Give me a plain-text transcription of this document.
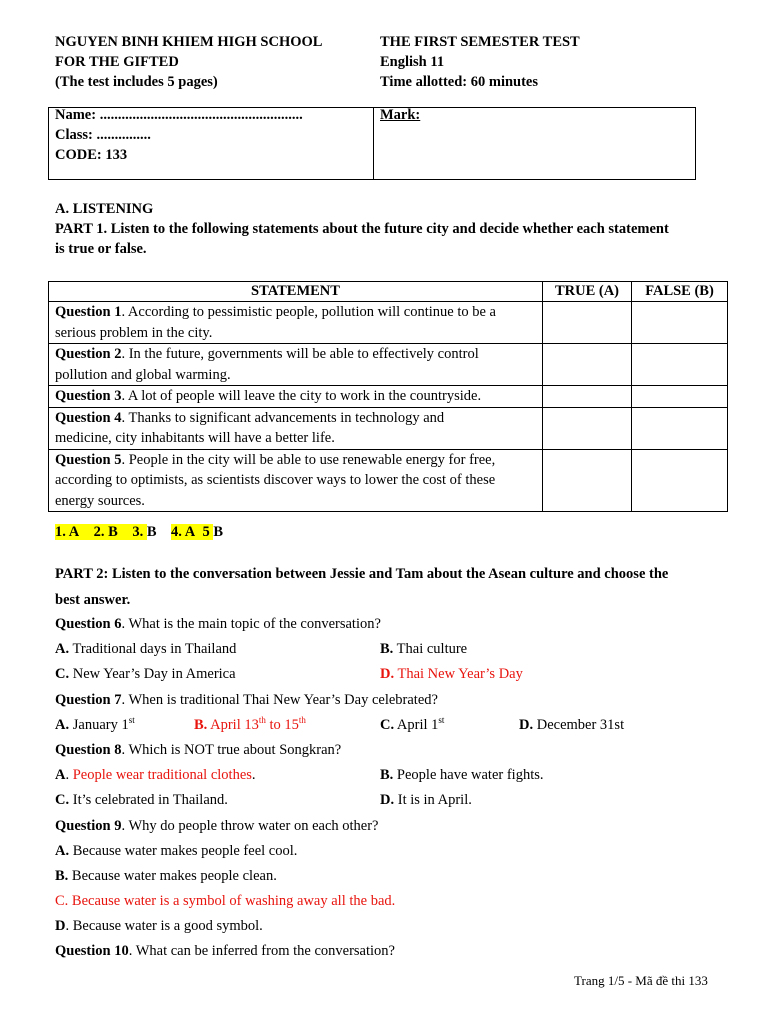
NGUYEN BINH KHIEM HIGH SCHOOL
FOR THE GIFTED
(The test includes 5 pages)
THE FIRST SEMESTER TEST
English 11
Time allotted: 60 minutes
Name: ........................................................
Class: ...............
CODE: 133
Mark:
A. LISTENING
PART 1. Listen to the following statements about the future city and decide whether each statement
is true or false.
STATEMENT	TRUE (A)	FALSE (B)
Question 1. According to pessimistic people, pollution will continue to be a
serious problem in the city.		
Question 2. In the future, governments will be able to effectively control
pollution and global warming.		
Question 3. A lot of people will leave the city to work in the countryside.		
Question 4. Thanks to significant advancements in technology and
medicine, city inhabitants will have a better life.		
Question 5. People in the city will be able to use renewable energy for free,
according to optimists, as scientists discover ways to lower the cost of these
energy sources.		
1. A 2. B 3. B 4. A 5 B
PART 2: Listen to the conversation between Jessie and Tam about the Asean culture and choose the
best answer.
Question 6. What is the main topic of the conversation?
A. Traditional days in Thailand	B. Thai culture
C. New Year’s Day in America	D. Thai New Year’s Day
Question 7. When is traditional Thai New Year’s Day celebrated?
A. January 1st	B. April 13th to 15th	C. April 1st	D. December 31st
Question 8. Which is NOT true about Songkran?
A. People wear traditional clothes.	B. People have water fights.
C. It’s celebrated in Thailand.	D. It is in April.
Question 9. Why do people throw water on each other?
A. Because water makes people feel cool.
B. Because water makes people clean.
C. Because water is a symbol of washing away all the bad.
D. Because water is a good symbol.
Question 10. What can be inferred from the conversation?
Trang 1/5 - Mã đề thi 133
